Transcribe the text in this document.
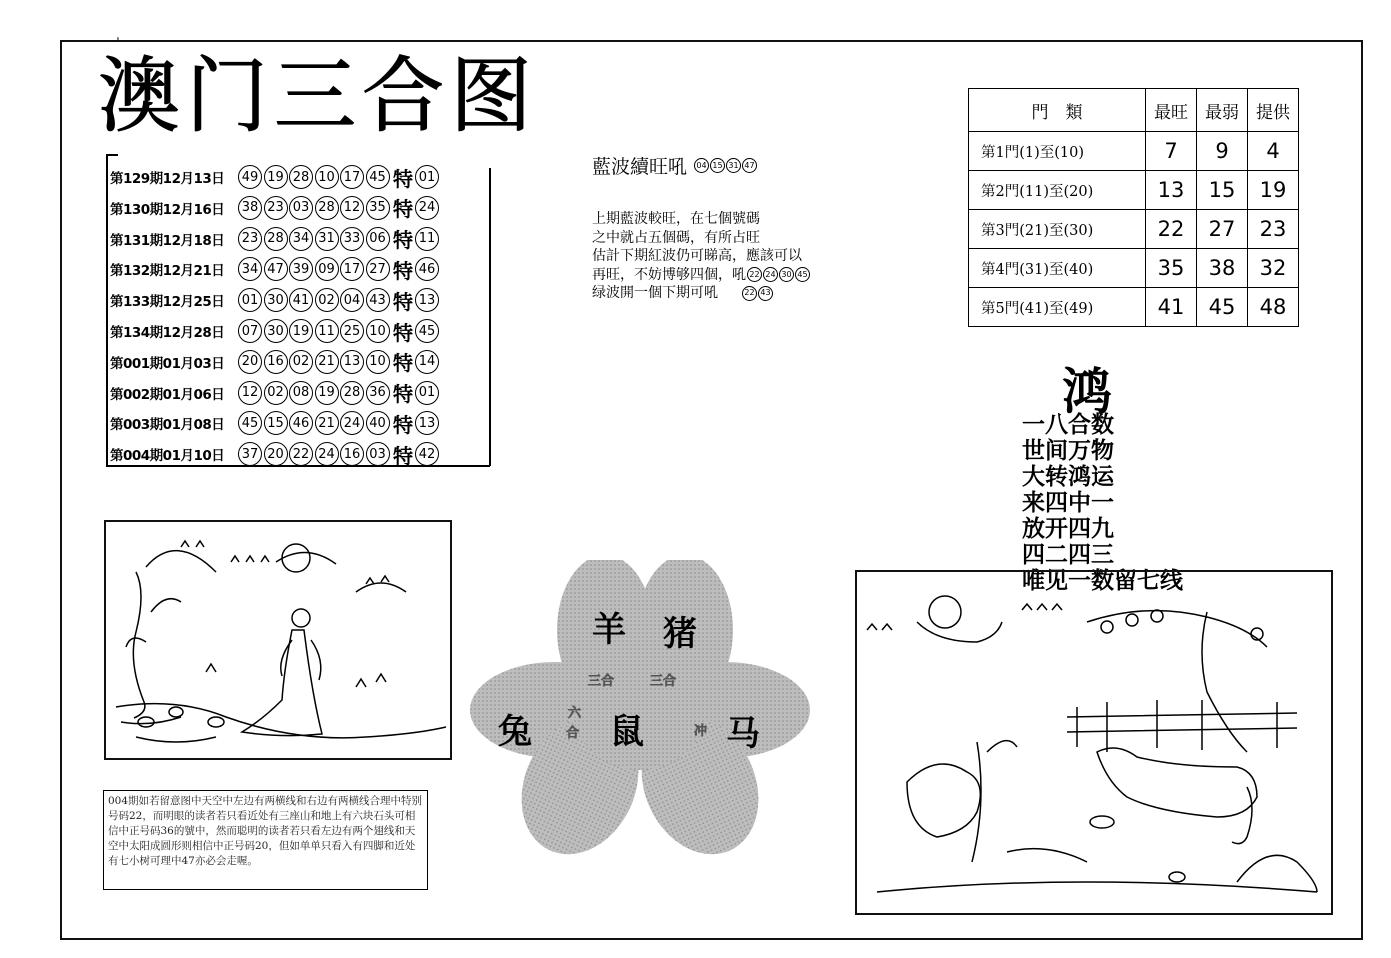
ˈ
澳门三合图
第129期12月13日	49 19 28 10 17 45 特 01
第130期12月16日	38 23 03 28 12 35 特 24
第131期12月18日	23 28 34 31 33 06 特 11
第132期12月21日	34 47 39 09 17 27 特 46
第133期12月25日	01 30 41 02 04 43 特 13
第134期12月28日	07 30 19 11 25 10 特 45
第001期01月03日	20 16 02 21 13 10 特 14
第002期01月06日	12 02 08 19 28 36 特 01
第003期01月08日	45 15 46 21 24 40 特 13
第004期01月10日	37 20 22 24 16 03 特 42
藍波續旺吼	04 15 31 47
上期藍波較旺，在七個號碼
之中就占五個碼，有所占旺
估計下期紅波仍可睇高，應該可以
再旺，不妨博够四個，吼 22 24 30 45
绿波開一個下期可吼	22 43
門　類	最旺	最弱	提供
第1門(1)至(10)	7	9	4
第2門(11)至(20)	13	15	19
第3門(21)至(30)	22	27	23
第4門(31)至(40)	35	38	32
第5門(41)至(49)	41	45	48
鸿
一八合数
世间万物
大转鸿运
来四中一
放开四九
四二四三
唯见一数留七线
羊 猪
兔 鼠 马
三合	三合
六
合	冲
004期如若留意图中天空中左边有两横线和右边有两横线合理中特别号码22，而明眼的读者若只看近处有三座山和地上有六块石头可相信中正号码36的號中，然而聪明的读者若只看左边有两个翅线和天空中太阳成圆形则相信中正号码20，但如单单只看入有四脚和近处有七小树可理中47亦必会走喔。
